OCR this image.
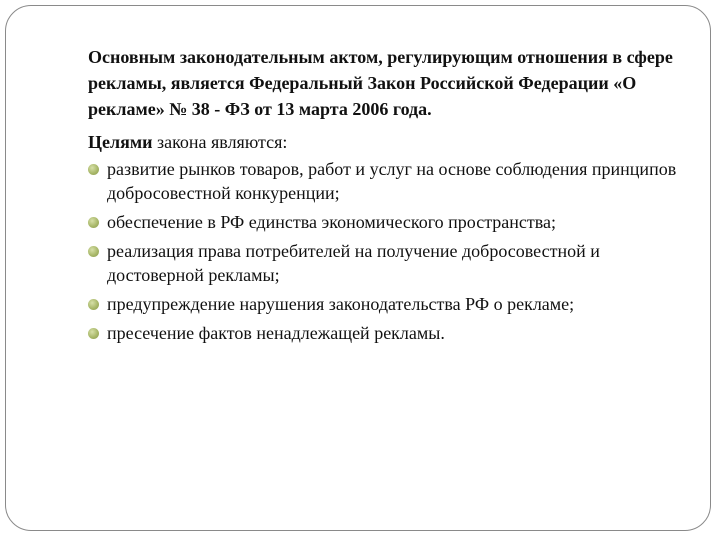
Основным законодательным актом, регулирующим отношения в сфере рекламы, является Федеральный Закон Российской Федерации «О рекламе» № 38 - ФЗ от 13 марта 2006 года.

Целями закона являются:

развитие рынков товаров, работ и услуг на основе соблюдения принципов добросовестной конкуренции;
обеспечение в РФ единства экономического пространства;
реализация права потребителей на получение добросовестной и достоверной рекламы;
предупреждение нарушения законодательства РФ о рекламе;
пресечение фактов ненадлежащей рекламы.
